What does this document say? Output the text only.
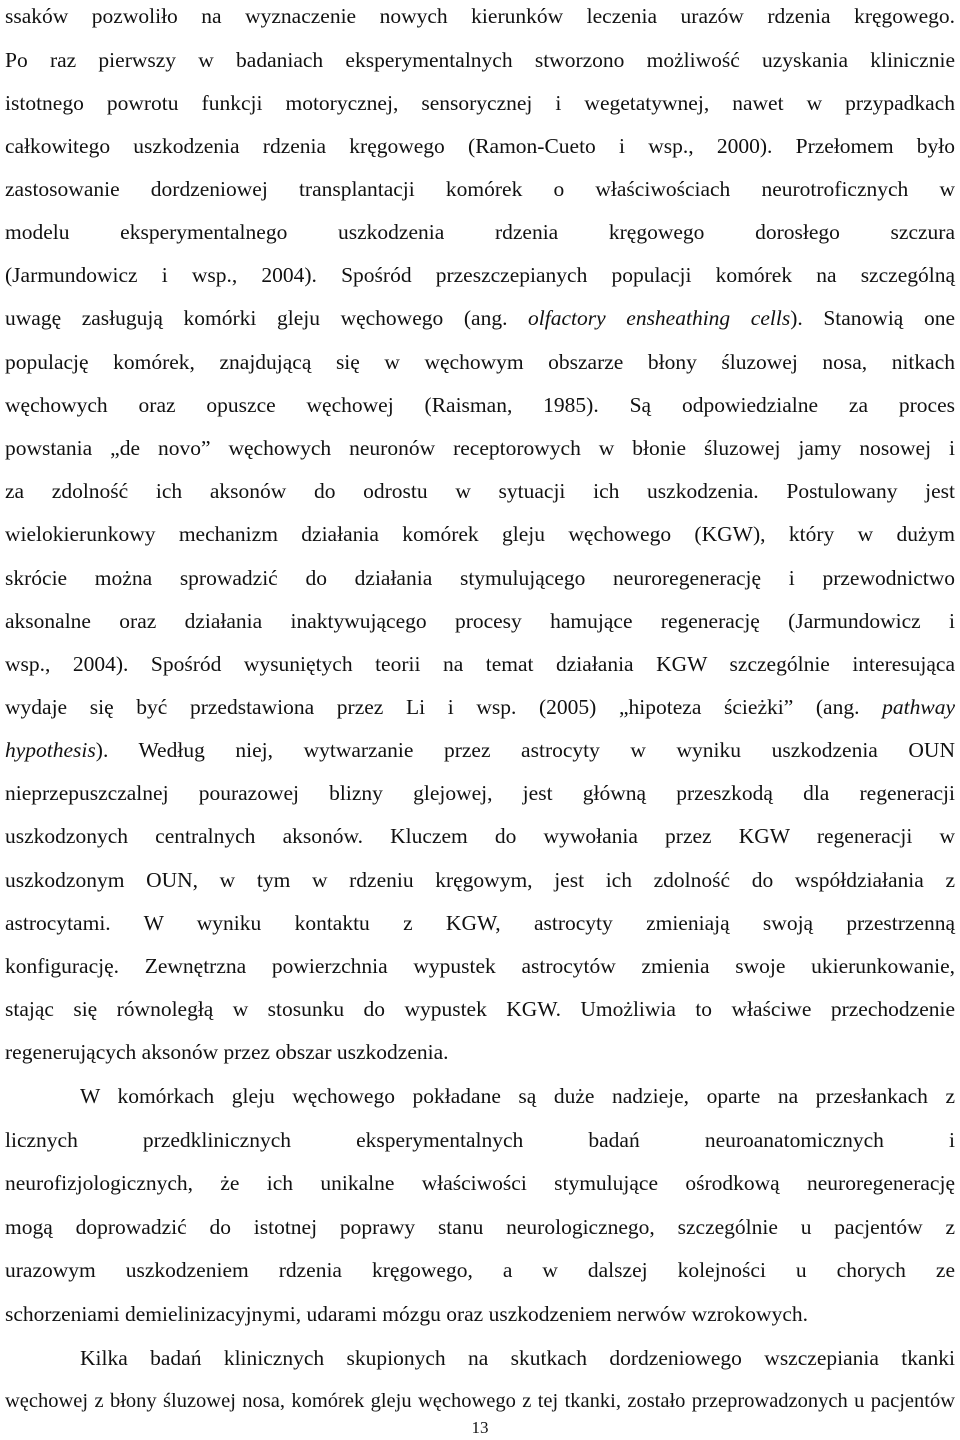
ssaków pozwoliło na wyznaczenie nowych kierunków leczenia urazów rdzenia kręgowego.
Po raz pierwszy w badaniach eksperymentalnych stworzono możliwość uzyskania klinicznie
istotnego powrotu funkcji motorycznej, sensorycznej i wegetatywnej, nawet w przypadkach
całkowitego uszkodzenia rdzenia kręgowego (Ramon-Cueto i wsp., 2000). Przełomem było
zastosowanie dordzeniowej transplantacji komórek o właściwościach neurotroficznych w
modelu eksperymentalnego uszkodzenia rdzenia kręgowego dorosłego szczura
(Jarmundowicz i wsp., 2004). Spośród przeszczepianych populacji komórek na szczególną
uwagę zasługują komórki gleju węchowego (ang. olfactory ensheathing cells). Stanowią one
populację komórek, znajdującą się w węchowym obszarze błony śluzowej nosa, nitkach
węchowych oraz opuszce węchowej (Raisman, 1985). Są odpowiedzialne za proces
powstania „de novo” węchowych neuronów receptorowych w błonie śluzowej jamy nosowej i
za zdolność ich aksonów do odrostu w sytuacji ich uszkodzenia. Postulowany jest
wielokierunkowy mechanizm działania komórek gleju węchowego (KGW), który w dużym
skrócie można sprowadzić do działania stymulującego neuroregenerację i przewodnictwo
aksonalne oraz działania inaktywującego procesy hamujące regenerację (Jarmundowicz i
wsp., 2004). Spośród wysuniętych teorii na temat działania KGW szczególnie interesująca
wydaje się być przedstawiona przez Li i wsp. (2005) „hipoteza ścieżki” (ang. pathway
hypothesis). Według niej, wytwarzanie przez astrocyty w wyniku uszkodzenia OUN
nieprzepuszczalnej pourazowej blizny glejowej, jest główną przeszkodą dla regeneracji
uszkodzonych centralnych aksonów. Kluczem do wywołania przez KGW regeneracji w
uszkodzonym OUN, w tym w rdzeniu kręgowym, jest ich zdolność do współdziałania z
astrocytami. W wyniku kontaktu z KGW, astrocyty zmieniają swoją przestrzenną
konfigurację. Zewnętrzna powierzchnia wypustek astrocytów zmienia swoje ukierunkowanie,
stając się równoległą w stosunku do wypustek KGW. Umożliwia to właściwe przechodzenie
regenerujących aksonów przez obszar uszkodzenia.
W komórkach gleju węchowego pokładane są duże nadzieje, oparte na przesłankach z
licznych przedklinicznych eksperymentalnych badań neuroanatomicznych i
neurofizjologicznych, że ich unikalne właściwości stymulujące ośrodkową neuroregenerację
mogą doprowadzić do istotnej poprawy stanu neurologicznego, szczególnie u pacjentów z
urazowym uszkodzeniem rdzenia kręgowego, a w dalszej kolejności u chorych ze
schorzeniami demielinizacyjnymi, udarami mózgu oraz uszkodzeniem nerwów wzrokowych.
Kilka badań klinicznych skupionych na skutkach dordzeniowego wszczepiania tkanki
węchowej z błony śluzowej nosa, komórek gleju węchowego z tej tkanki, zostało przeprowadzonych u pacjentów
13
